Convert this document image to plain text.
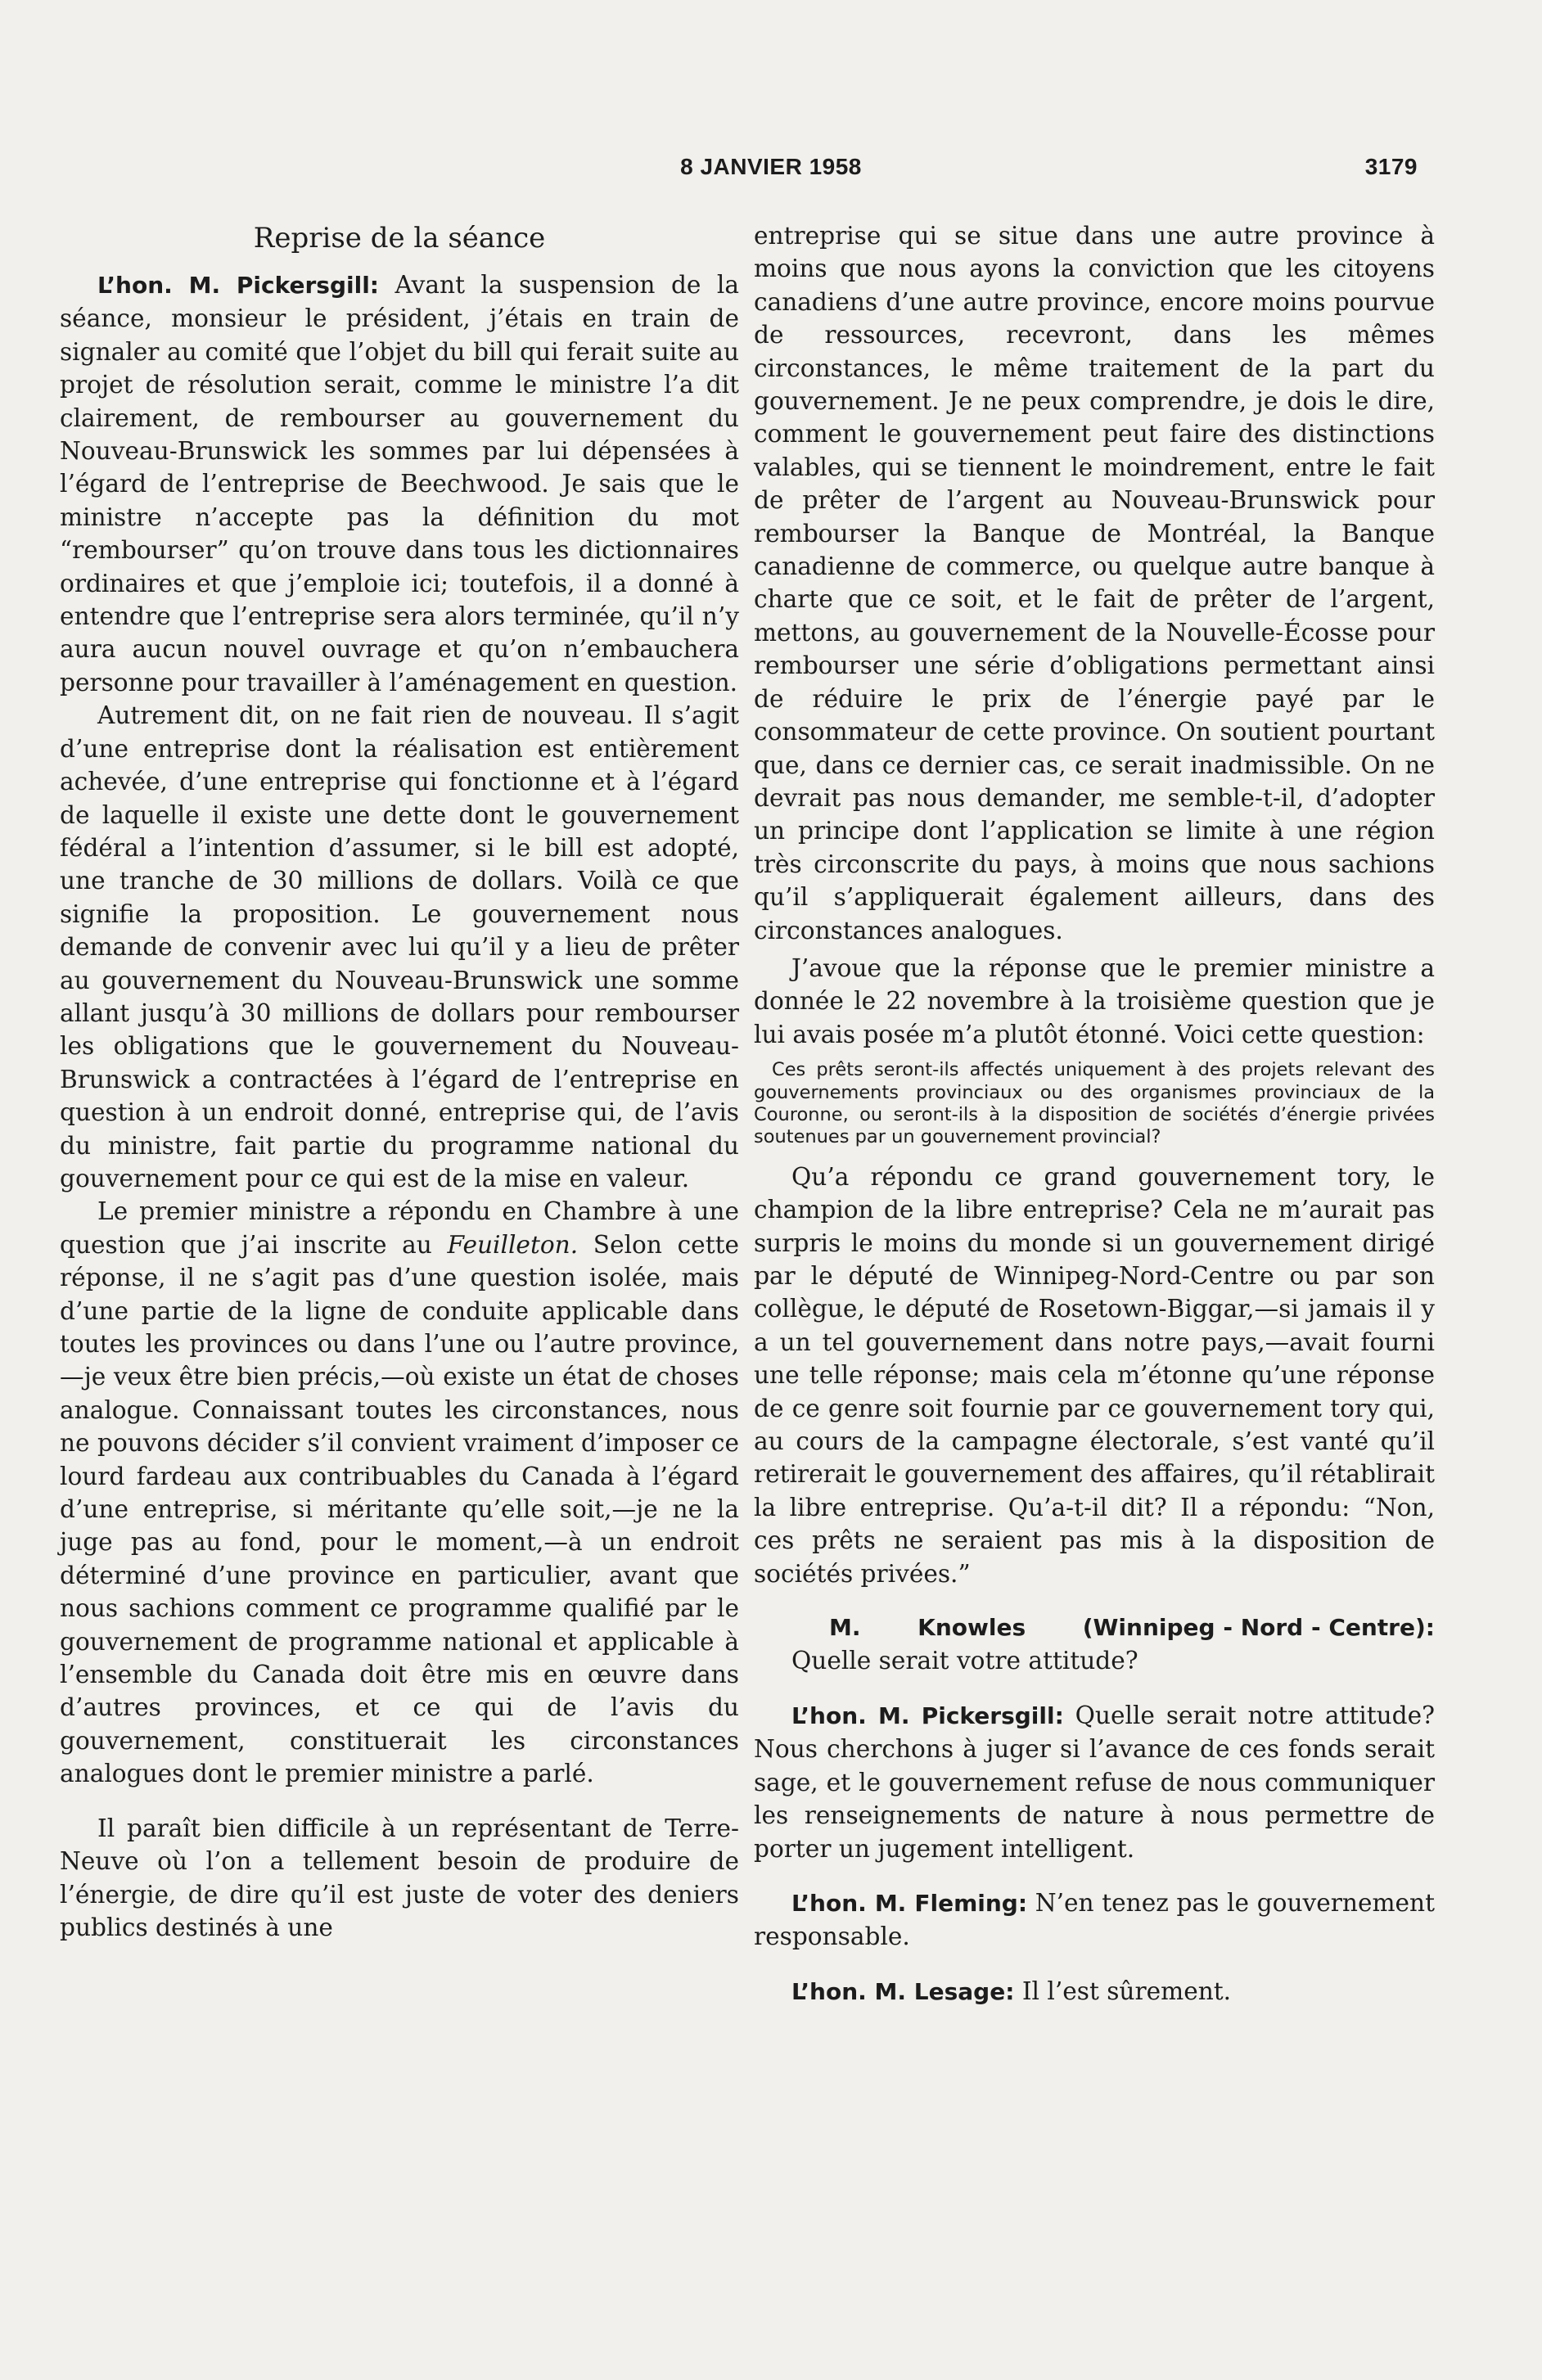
8 JANVIER 1958	3179
Reprise de la séance

L’hon. M. Pickersgill: Avant la suspension de la séance, monsieur le président, j’étais en train de signaler au comité que l’objet du bill qui ferait suite au projet de résolution serait, comme le ministre l’a dit clairement, de rembourser au gouvernement du Nouveau-Brunswick les sommes par lui dépensées à l’égard de l’entreprise de Beechwood. Je sais que le ministre n’accepte pas la définition du mot “rembourser” qu’on trouve dans tous les dictionnaires ordinaires et que j’emploie ici; toutefois, il a donné à entendre que l’entreprise sera alors terminée, qu’il n’y aura aucun nouvel ouvrage et qu’on n’embauchera personne pour travailler à l’aménagement en question.

Autrement dit, on ne fait rien de nouveau. Il s’agit d’une entreprise dont la réalisation est entièrement achevée, d’une entreprise qui fonctionne et à l’égard de laquelle il existe une dette dont le gouvernement fédéral a l’intention d’assumer, si le bill est adopté, une tranche de 30 millions de dollars. Voilà ce que signifie la proposition. Le gouvernement nous demande de convenir avec lui qu’il y a lieu de prêter au gouvernement du Nouveau-Brunswick une somme allant jusqu’à 30 millions de dollars pour rembourser les obligations que le gouvernement du Nouveau-Brunswick a contractées à l’égard de l’entreprise en question à un endroit donné, entreprise qui, de l’avis du ministre, fait partie du programme national du gouvernement pour ce qui est de la mise en valeur.

Le premier ministre a répondu en Chambre à une question que j’ai inscrite au Feuilleton. Selon cette réponse, il ne s’agit pas d’une question isolée, mais d’une partie de la ligne de conduite applicable dans toutes les provinces ou dans l’une ou l’autre province,—je veux être bien précis,—où existe un état de choses analogue. Connaissant toutes les circonstances, nous ne pouvons décider s’il convient vraiment d’imposer ce lourd fardeau aux contribuables du Canada à l’égard d’une entreprise, si méritante qu’elle soit,—je ne la juge pas au fond, pour le moment,—à un endroit déterminé d’une province en particulier, avant que nous sachions comment ce programme qualifié par le gouvernement de programme national et applicable à l’ensemble du Canada doit être mis en œuvre dans d’autres provinces, et ce qui de l’avis du gouvernement, constituerait les circonstances analogues dont le premier ministre a parlé.

Il paraît bien difficile à un représentant de Terre-Neuve où l’on a tellement besoin de produire de l’énergie, de dire qu’il est juste de voter des deniers publics destinés à une

entreprise qui se situe dans une autre province à moins que nous ayons la conviction que les citoyens canadiens d’une autre province, encore moins pourvue de ressources, recevront, dans les mêmes circonstances, le même traitement de la part du gouvernement. Je ne peux comprendre, je dois le dire, comment le gouvernement peut faire des distinctions valables, qui se tiennent le moindrement, entre le fait de prêter de l’argent au Nouveau-Brunswick pour rembourser la Banque de Montréal, la Banque canadienne de commerce, ou quelque autre banque à charte que ce soit, et le fait de prêter de l’argent, mettons, au gouvernement de la Nouvelle-Écosse pour rembourser une série d’obligations permettant ainsi de réduire le prix de l’énergie payé par le consommateur de cette province. On soutient pourtant que, dans ce dernier cas, ce serait inadmissible. On ne devrait pas nous demander, me semble-t-il, d’adopter un principe dont l’application se limite à une région très circonscrite du pays, à moins que nous sachions qu’il s’appliquerait également ailleurs, dans des circonstances analogues.

J’avoue que la réponse que le premier ministre a donnée le 22 novembre à la troisième question que je lui avais posée m’a plutôt étonné. Voici cette question:

Ces prêts seront-ils affectés uniquement à des projets relevant des gouvernements provinciaux ou des organismes provinciaux de la Couronne, ou seront-ils à la disposition de sociétés d’énergie privées soutenues par un gouvernement provincial?

Qu’a répondu ce grand gouvernement tory, le champion de la libre entreprise? Cela ne m’aurait pas surpris le moins du monde si un gouvernement dirigé par le député de Winnipeg-Nord-Centre ou par son collègue, le député de Rosetown-Biggar,—si jamais il y a un tel gouvernement dans notre pays,—avait fourni une telle réponse; mais cela m’étonne qu’une réponse de ce genre soit fournie par ce gouvernement tory qui, au cours de la campagne électorale, s’est vanté qu’il retirerait le gouvernement des affaires, qu’il rétablirait la libre entreprise. Qu’a-t-il dit? Il a répondu: “Non, ces prêts ne seraient pas mis à la disposition de sociétés privées.”

M.	Knowles	(Winnipeg - Nord - Centre):
Quelle serait votre attitude?

L’hon. M. Pickersgill: Quelle serait notre attitude? Nous cherchons à juger si l’avance de ces fonds serait sage, et le gouvernement refuse de nous communiquer les renseignements de nature à nous permettre de porter un jugement intelligent.

L’hon. M. Fleming: N’en tenez pas le gouvernement responsable.

L’hon. M. Lesage: Il l’est sûrement.
